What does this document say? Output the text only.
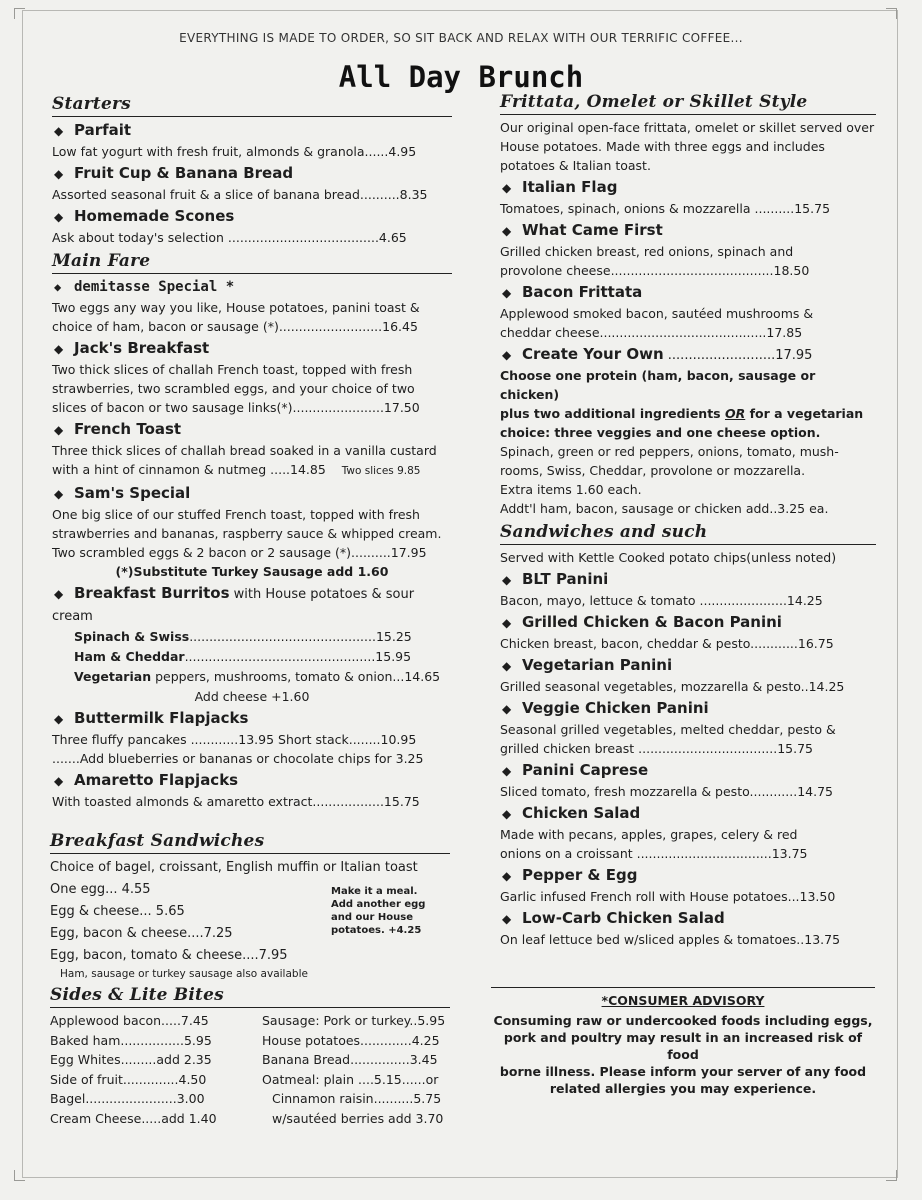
EVERYTHING IS MADE TO ORDER, SO SIT BACK AND RELAX WITH OUR TERRIFIC COFFEE...
All Day Brunch
Starters
◆ Parfait
Low fat yogurt with fresh fruit, almonds & granola......4.95
◆ Fruit Cup & Banana Bread
Assorted seasonal fruit & a slice of banana bread..........8.35
◆ Homemade Scones
Ask about today's selection ......................................4.65
Main Fare
◆ demitasse Special *
Two eggs any way you like, House potatoes, panini toast &
choice of ham, bacon or sausage (*)..........................16.45
◆ Jack's Breakfast
Two thick slices of challah French toast, topped with fresh
strawberries, two scrambled eggs, and your choice of two
slices of bacon or two sausage links(*).......................17.50
◆ French Toast
Three thick slices of challah bread soaked in a vanilla custard
with a hint of cinnamon & nutmeg .....14.85 Two slices 9.85
◆ Sam's Special
One big slice of our stuffed French toast, topped with fresh
strawberries and bananas, raspberry sauce & whipped cream.
Two scrambled eggs & 2 bacon or 2 sausage (*)..........17.95
(*)Substitute Turkey Sausage add 1.60
◆ Breakfast Burritos with House potatoes & sour cream
Spinach & Swiss...............................................15.25
Ham & Cheddar................................................15.95
Vegetarian peppers, mushrooms, tomato & onion...14.65
Add cheese +1.60
◆ Buttermilk Flapjacks
Three fluffy pancakes ............13.95 Short stack........10.95
.......Add blueberries or bananas or chocolate chips for 3.25
◆ Amaretto Flapjacks
With toasted almonds & amaretto extract..................15.75
Breakfast Sandwiches
Choice of bagel, croissant, English muffin or Italian toast
One egg... 4.55
Egg & cheese... 5.65
Egg, bacon & cheese....7.25
Egg, bacon, tomato & cheese....7.95
Ham, sausage or turkey sausage also available
Make it a meal. Add another egg and our House potatoes. +4.25
Sides & Lite Bites
Applewood bacon.....7.45
Baked ham................5.95
Egg Whites.........add 2.35
Side of fruit..............4.50
Bagel.......................3.00
Cream Cheese.....add 1.40
Sausage: Pork or turkey..5.95
House potatoes.............4.25
Banana Bread...............3.45
Oatmeal: plain ....5.15......or
Cinnamon raisin..........5.75
w/sautéed berries add 3.70
Frittata, Omelet or Skillet Style
Our original open-face frittata, omelet or skillet served over House potatoes. Made with three eggs and includes potatoes & Italian toast.
◆ Italian Flag
Tomatoes, spinach, onions & mozzarella ..........15.75
◆ What Came First
Grilled chicken breast, red onions, spinach and
provolone cheese.........................................18.50
◆ Bacon Frittata
Applewood smoked bacon, sautéed mushrooms &
cheddar cheese..........................................17.85
◆ Create Your Own ..........................17.95
Choose one protein (ham, bacon, sausage or chicken)
plus two additional ingredients OR for a vegetarian
choice: three veggies and one cheese option.
Spinach, green or red peppers, onions, tomato, mush-
rooms, Swiss, Cheddar, provolone or mozzarella.
Extra items 1.60 each.
Addt'l ham, bacon, sausage or chicken add..3.25 ea.
Sandwiches and such
Served with Kettle Cooked potato chips(unless noted)
◆ BLT Panini
Bacon, mayo, lettuce & tomato ......................14.25
◆ Grilled Chicken & Bacon Panini
Chicken breast, bacon, cheddar & pesto............16.75
◆ Vegetarian Panini
Grilled seasonal vegetables, mozzarella & pesto..14.25
◆ Veggie Chicken Panini
Seasonal grilled vegetables, melted cheddar, pesto &
grilled chicken breast ...................................15.75
◆ Panini Caprese
Sliced tomato, fresh mozzarella & pesto............14.75
◆ Chicken Salad
Made with pecans, apples, grapes, celery & red
onions on a croissant ..................................13.75
◆ Pepper & Egg
Garlic infused French roll with House potatoes...13.50
◆ Low-Carb Chicken Salad
On leaf lettuce bed w/sliced apples & tomatoes..13.75
*CONSUMER ADVISORY
Consuming raw or undercooked foods including eggs,
pork and poultry may result in an increased risk of food
borne illness. Please inform your server of any food
related allergies you may experience.
